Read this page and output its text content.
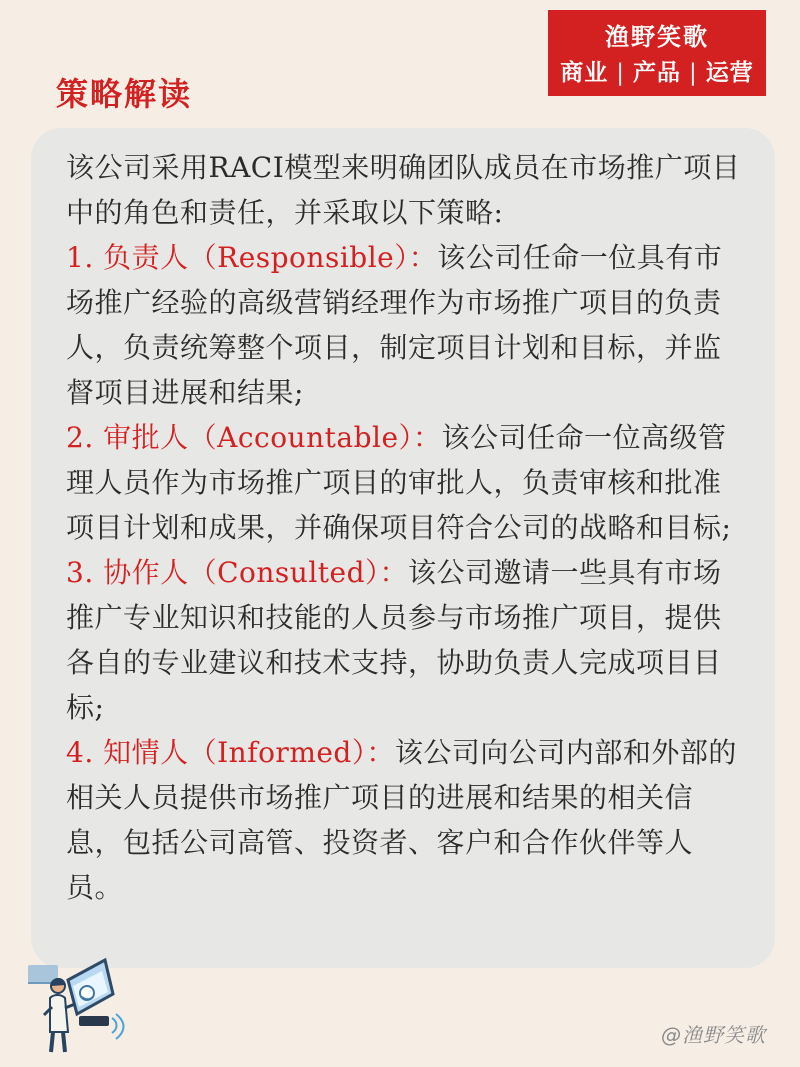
渔野笑歌
商业 | 产品 | 运营
策略解读

该公司采用RACI模型来明确团队成员在市场推广项目中的角色和责任，并采取以下策略:

1. 负责人（Responsible）：该公司任命一位具有市场推广经验的高级营销经理作为市场推广项目的负责人，负责统筹整个项目，制定项目计划和目标，并监督项目进展和结果;

2. 审批人（Accountable）：该公司任命一位高级管理人员作为市场推广项目的审批人，负责审核和批准项目计划和成果，并确保项目符合公司的战略和目标;

3. 协作人（Consulted）：该公司邀请一些具有市场推广专业知识和技能的人员参与市场推广项目，提供各自的专业建议和技术支持，协助负责人完成项目目标;

4. 知情人（Informed）：该公司向公司内部和外部的相关人员提供市场推广项目的进展和结果的相关信息，包括公司高管、投资者、客户和合作伙伴等人员。

@渔野笑歌
